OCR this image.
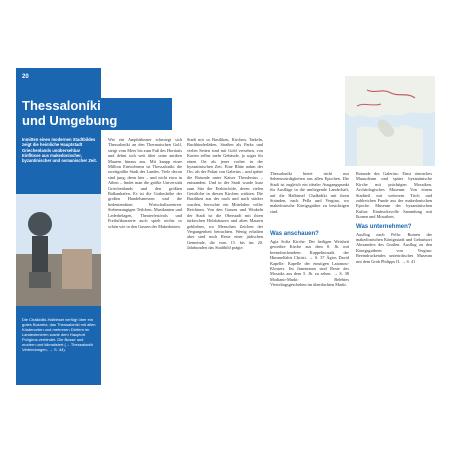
20
Inmitten eines modernen Stadtbildes zeigt die heimliche Hauptstadt Griechenlands unübersehbar Einflüsse aus makedonischer, byzantinischer und osmanischer Zeit.
Die Chalkidiki-Halbinsel verfügt über ein gutes Busnetz; das Thessaloníki mit allen Küstenorten und mehreren Dörfern im Landesinneren sowie dem Hauptort Polígiros verbindet. Die Busse und modern und klimatisiert (→ Thessaloníki Verbindungen, → S. 44).
Thessaloníki
und Umgebung
Wie ein Amphitheater schmiegt sich Thessaloníki an den Thermaischen Golf, steigt vom Meer bis zum Fuß des Hortiatis und dehnt sich weit über seine antiken Mauern hinaus aus. Mit knapp einer Million Einwohnern ist Thessaloníki die zweitgrößte Stadt des Landes. Viele davon sind jung, denn hier – und nicht etwa in Athen – findet man die größte Universität Griechenlands und den größten Balkanhafen. Es ist die Gotheshöhe der großen Handelsmessen und die bedeutendsten Wirtschaftszentren. Siebenzungigen Teilchen, Musikanten und Lederbelagen, Theaterfestivals und Freiluftkonzerte auch spielt nichts so schön wie in den Gassen der Makedonien.
Stadt mit so Basiliken, Kirchen, Tarkeln, Buchbinderläden, Straßen als Parks und vielen Seiten sind mit Gold versehen, von Karten selbst mehr Gebäude, ja sogar für einen Ort als jener vorher in der byzantinischen Zeit. Eine Blüte nahm der Ort, als der Palast von Galerius – und später die Rotunde unter Kaiser Theodosius – entstanden. Und in der Stadt wurde kurz zum Sitz der Erzbischöfe, deren vielen Geistliche in diesen Kirchen wirkten. Die Basiliken aus der nach und nach stärker wurden, herrschte ein Mittelalter voller Reichtum. Von den Gassen und Winkeln der Stadt ist die Oberstadt mit ihren türkischen Holzhäusern und alten Mauern geblieben, wo Menschen Zeichen der Vergangenheit betrachten. Wenig erhalten aber sind noch Reste einer jüdischen Gemeinde, die vom 15. bis ins 20. Jahrhundert das Stadtbild prägte.
Thessaloníki bietet nicht nur Sehenswürdigkeiten aus allen Epochen. Die Stadt ist zugleich ein idealer Ausgangspunkt für Ausflüge in die umliegende Landschaft, auf die Halbinsel Chalkidiki mit ihren Stränden, nach Pella und Vergina, wo makedonische Königsgräber zu besichtigen sind.
Was anschauen?
Agia Sofia Kirche: Der heiligen Weisheit geweihte Kirche aus dem 8. Jh. mit beeindruckendem Kuppelmosaik der Himmelfahrt Christi. → S. 37 Ägios David Kapelle: Kapelle der einstigen Latomou-Klosters. Im Innenraum sind Reste des Mosaiks aus dem 5. Jh. zu sehen. → S. 38 Modiano-Markt: Belebtes Vierteltagsgeschehen im überdachten Markt.
Rotunde des Galerius: Einst römisches Mausoleum und später byzantinische Kirche mit prächtigen Mosaiken. Archäologisches Museum: Von einem Stadtteil mit weiterem Tisch und zahlreichen Funde aus der makedonischen Epoche. Museum der byzantinischen Kultur: Eindrucksvolle Sammlung mit Ikonen und Mosaiken.
Was unternehmen?
Ausflug nach Pella: Ruinen der makedonischen Königsstadt und Geburtsort Alexanders des Großen. Ausflug zu den Königsgräbern von Vergina: Beeindruckendes unterirdisches Museum mit dem Grab Philipps II. → S. 41
